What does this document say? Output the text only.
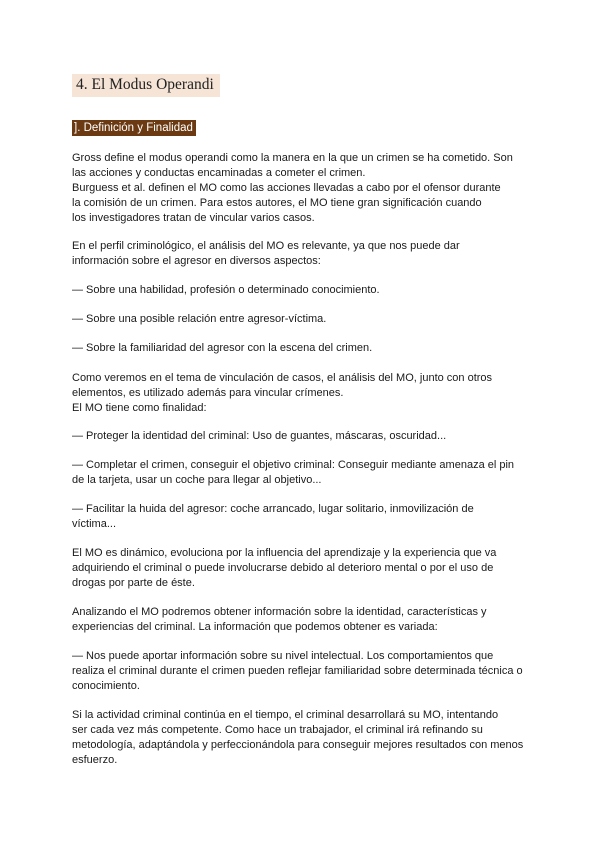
4. El Modus Operandi
]. Definición y Finalidad

Gross define el modus operandi como la manera en la que un crimen se ha cometido. Son
las acciones y conductas encaminadas a cometer el crimen.
Burguess et al. definen el MO como las acciones llevadas a cabo por el ofensor durante
la comisión de un crimen. Para estos autores, el MO tiene gran significación cuando
los investigadores tratan de vincular varios casos.

En el perfil criminológico, el análisis del MO es relevante, ya que nos puede dar
información sobre el agresor en diversos aspectos:

— Sobre una habilidad, profesión o determinado conocimiento.

— Sobre una posible relación entre agresor-víctima.

— Sobre la familiaridad del agresor con la escena del crimen.

Como veremos en el tema de vinculación de casos, el análisis del MO, junto con otros
elementos, es utilizado además para vincular crímenes.
El MO tiene como finalidad:

— Proteger la identidad del criminal: Uso de guantes, máscaras, oscuridad...

— Completar el crimen, conseguir el objetivo criminal: Conseguir mediante amenaza el pin
de la tarjeta, usar un coche para llegar al objetivo...

— Facilitar la huida del agresor: coche arrancado, lugar solitario, inmovilización de
víctima...

El MO es dinámico, evoluciona por la influencia del aprendizaje y la experiencia que va
adquiriendo el criminal o puede involucrarse debido al deterioro mental o por el uso de
drogas por parte de éste.

Analizando el MO podremos obtener información sobre la identidad, características y
experiencias del criminal. La información que podemos obtener es variada:

— Nos puede aportar información sobre su nivel intelectual. Los comportamientos que
realiza el criminal durante el crimen pueden reflejar familiaridad sobre determinada técnica o
conocimiento.

Si la actividad criminal continúa en el tiempo, el criminal desarrollará su MO, intentando
ser cada vez más competente. Como hace un trabajador, el criminal irá refinando su
metodología, adaptándola y perfeccionándola para conseguir mejores resultados con menos
esfuerzo.
